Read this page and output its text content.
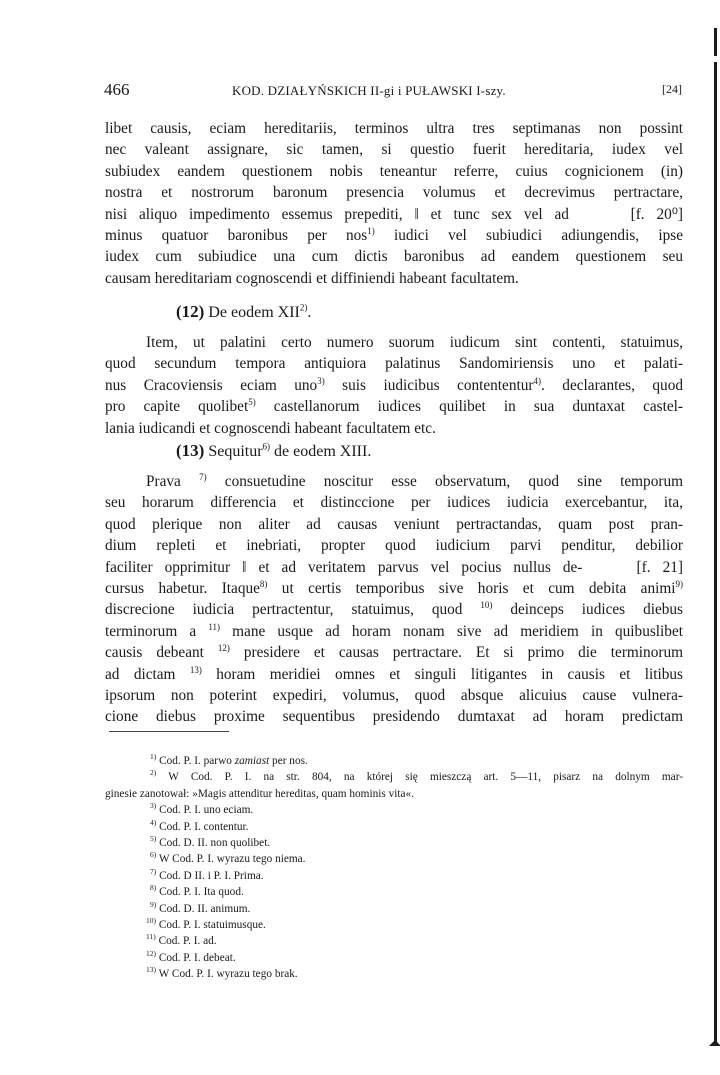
466	KOD. DZIAŁYŃSKICH II-gi i PUŁAWSKI I-szy.	[24]
libet causis, eciam hereditariis, terminos ultra tres septimanas non possint
nec valeant assignare, sic tamen, si questio fuerit hereditaria, iudex vel
subiudex eandem questionem nobis teneantur referre, cuius cognicionem (in)
nostra et nostrorum baronum presencia volumus et decrevimus pertractare,
nisi aliquo impedimento essemus prepediti, ‖ et tunc sex vel ad	[f. 20⁰]
minus quatuor baronibus per nos$^{1)}$ iudici vel subiudici adiungendis, ipse
iudex cum subiudice una cum dictis baronibus ad eandem questionem seu
causam hereditariam cognoscendi et diffiniendi habeant facultatem.
(12) De eodem XII$^{2)}$.
Item, ut palatini certo numero suorum iudicum sint contenti, statuimus,
quod secundum tempora antiquiora palatinus Sandomiriensis uno et palati-
nus Cracoviensis eciam uno$^{3)}$ suis iudicibus contententur$^{4)}$. declarantes, quod
pro capite quolibet$^{5)}$ castellanorum iudices quilibet in sua duntaxat castel-
lania iudicandi et cognoscendi habeant facultatem etc.
(13) Sequitur$^{6)}$ de eodem XIII.
Prava $^{7)}$ consuetudine noscitur esse observatum, quod sine temporum
seu horarum differencia et distinccione per iudices iudicia exercebantur, ita,
quod plerique non aliter ad causas veniunt pertractandas, quam post pran-
dium repleti et inebriati, propter quod iudicium parvi penditur, debilior
faciliter opprimitur ‖ et ad veritatem parvus vel pocius nullus de-	[f. 21]
cursus habetur. Itaque$^{8)}$ ut certis temporibus sive horis et cum debita animi$^{9)}$
discrecione iudicia pertractentur, statuimus, quod $^{10)}$ deinceps iudices diebus
terminorum a $^{11)}$ mane usque ad horam nonam sive ad meridiem in quibuslibet
causis debeant $^{12)}$ presidere et causas pertractare. Et si primo die terminorum
ad dictam $^{13)}$ horam meridiei omnes et singuli litigantes in causis et litibus
ipsorum non poterint expediri, volumus, quod absque alicuius cause vulnera-
cione diebus proxime sequentibus presidendo dumtaxat ad horam predictam
$^{1)}$ Cod. P. I. parwo zamiast per nos.
$^{2)}$ W Cod. P. I. na str. 804, na której się mieszczą art. 5—11, pisarz na dolnym mar-
ginesie zanotował: »Magis attenditur hereditas, quam hominis vita«.
$^{3)}$ Cod. P. I. uno eciam.
$^{4)}$ Cod. P. I. contentur.
$^{5)}$ Cod. D. II. non quolibet.
$^{6)}$ W Cod. P. I. wyrazu tego niema.
$^{7)}$ Cod. D II. i P. I. Prima.
$^{8)}$ Cod. P. I. Ita quod.
$^{9)}$ Cod. D. II. animum.
$^{10)}$ Cod. P. I. statuimusque.
$^{11)}$ Cod. P. I. ad.
$^{12)}$ Cod. P. I. debeat.
$^{13)}$ W Cod. P. I. wyrazu tego brak.
